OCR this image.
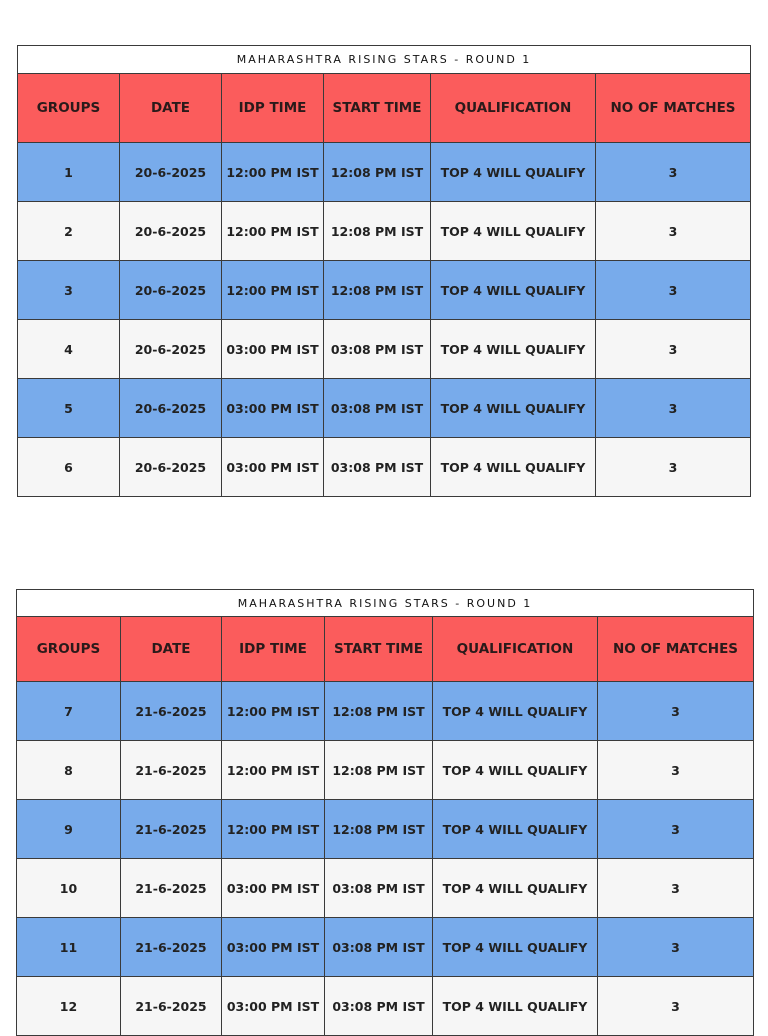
MAHARASHTRA RISING STARS - ROUND 1					
GROUPS	DATE	IDP TIME	START TIME	QUALIFICATION	NO OF MATCHES
1	20-6-2025	12:00 PM IST	12:08 PM IST	TOP 4 WILL QUALIFY	3
2	20-6-2025	12:00 PM IST	12:08 PM IST	TOP 4 WILL QUALIFY	3
3	20-6-2025	12:00 PM IST	12:08 PM IST	TOP 4 WILL QUALIFY	3
4	20-6-2025	03:00 PM IST	03:08 PM IST	TOP 4 WILL QUALIFY	3
5	20-6-2025	03:00 PM IST	03:08 PM IST	TOP 4 WILL QUALIFY	3
6	20-6-2025	03:00 PM IST	03:08 PM IST	TOP 4 WILL QUALIFY	3
MAHARASHTRA RISING STARS - ROUND 1					
GROUPS	DATE	IDP TIME	START TIME	QUALIFICATION	NO OF MATCHES
7	21-6-2025	12:00 PM IST	12:08 PM IST	TOP 4 WILL QUALIFY	3
8	21-6-2025	12:00 PM IST	12:08 PM IST	TOP 4 WILL QUALIFY	3
9	21-6-2025	12:00 PM IST	12:08 PM IST	TOP 4 WILL QUALIFY	3
10	21-6-2025	03:00 PM IST	03:08 PM IST	TOP 4 WILL QUALIFY	3
11	21-6-2025	03:00 PM IST	03:08 PM IST	TOP 4 WILL QUALIFY	3
12	21-6-2025	03:00 PM IST	03:08 PM IST	TOP 4 WILL QUALIFY	3
